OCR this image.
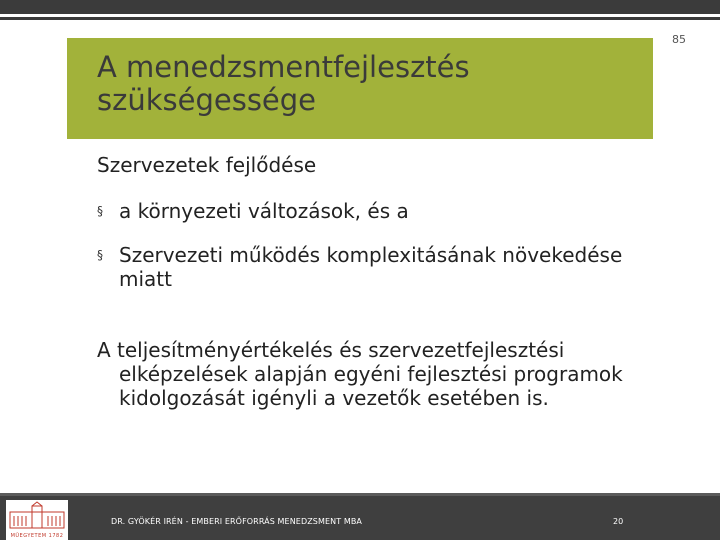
A menedzsmentfejlesztés
szükségessége
85
Szervezetek fejlődése
§ a környezeti változások, és a
§ Szervezeti működés komplexitásának növekedése miatt
A teljesítményértékelés és szervezetfejlesztési elképzelések alapján egyéni fejlesztési programok kidolgozását igényli a vezetők esetében is.
MŰEGYETEM 1782
DR. GYÖKÉR IRÉN - EMBERI ERŐFORRÁS MENEDZSMENT MBA	20
